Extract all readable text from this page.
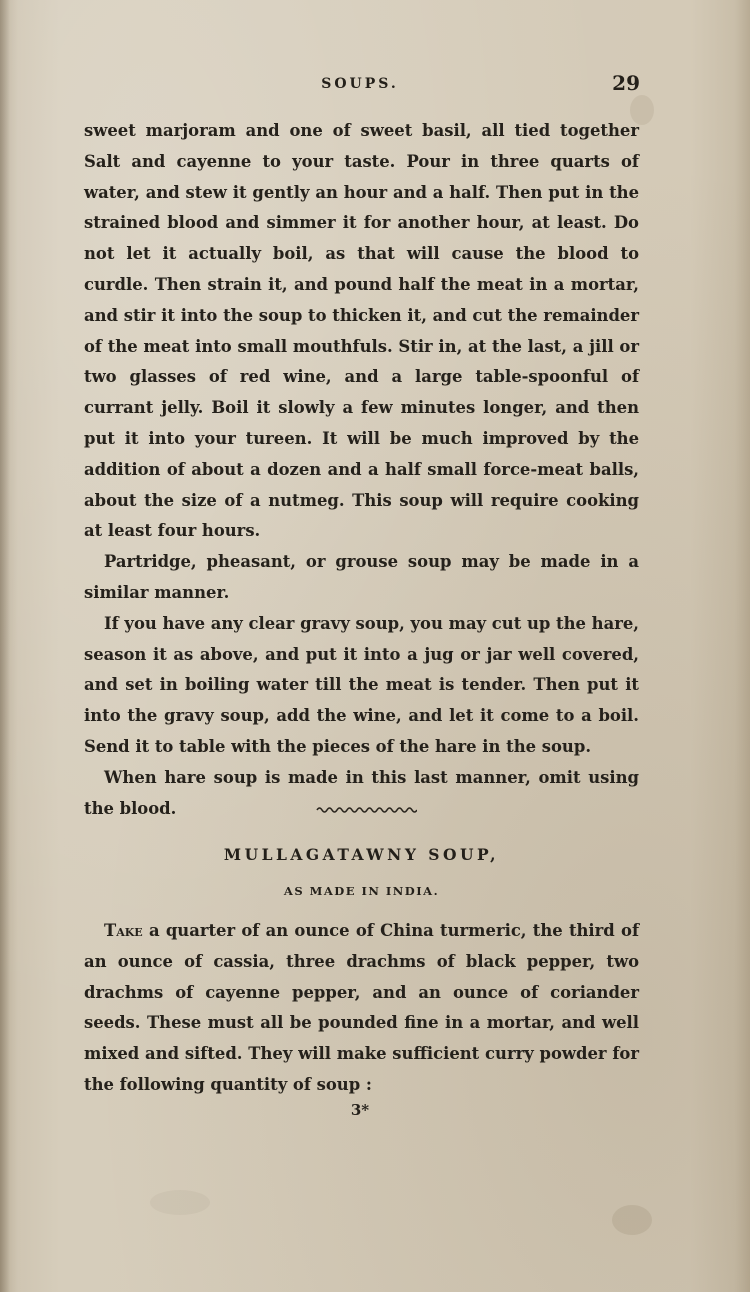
SOUPS.	29

sweet marjoram and one of sweet basil, all tied together Salt and cayenne to your taste. Pour in three quarts of water, and stew it gently an hour and a half. Then put in the strained blood and simmer it for another hour, at least. Do not let it actually boil, as that will cause the blood to curdle. Then strain it, and pound half the meat in a mortar, and stir it into the soup to thicken it, and cut the remainder of the meat into small mouthfuls. Stir in, at the last, a jill or two glasses of red wine, and a large table-spoonful of currant jelly. Boil it slowly a few minutes longer, and then put it into your tureen. It will be much improved by the addition of about a dozen and a half small force-meat balls, about the size of a nutmeg. This soup will require cooking at least four hours.

Partridge, pheasant, or grouse soup may be made in a similar manner.

If you have any clear gravy soup, you may cut up the hare, season it as above, and put it into a jug or jar well covered, and set in boiling water till the meat is tender. Then put it into the gravy soup, add the wine, and let it come to a boil. Send it to table with the pieces of the hare in the soup.

When hare soup is made in this last manner, omit using the blood.

MULLAGATAWNY SOUP,
AS MADE IN INDIA.

Take a quarter of an ounce of China turmeric, the third of an ounce of cassia, three drachms of black pepper, two drachms of cayenne pepper, and an ounce of coriander seeds. These must all be pounded fine in a mortar, and well mixed and sifted. They will make sufficient curry powder for the following quantity of soup :

3*
